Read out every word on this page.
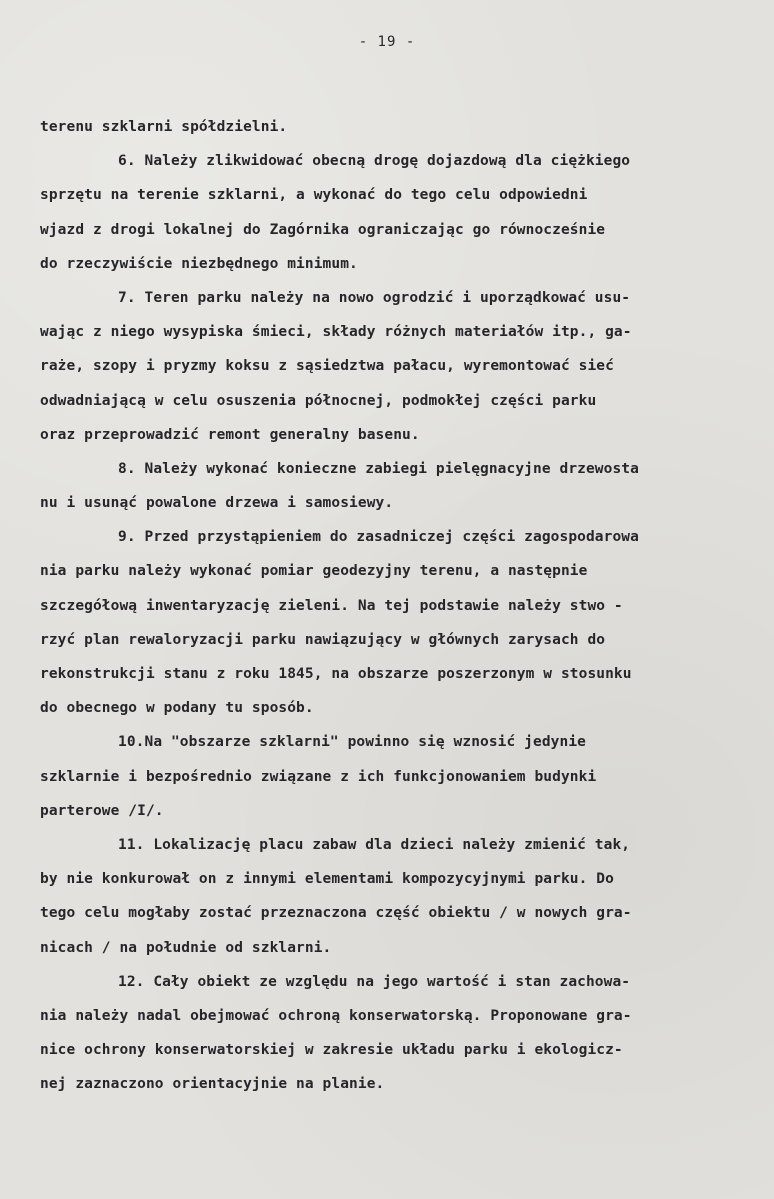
- 19 -
terenu szklarni spółdzielni.
6. Należy zlikwidować obecną drogę dojazdową dla ciężkiego
sprzętu na terenie szklarni, a wykonać do tego celu odpowiedni
wjazd z drogi lokalnej do Zagórnika ograniczając go równocześnie
do rzeczywiście niezbędnego minimum.
7. Teren parku należy na nowo ogrodzić i uporządkować usu-
wając z niego wysypiska śmieci, składy różnych materiałów itp., ga-
raże, szopy i pryzmy koksu z sąsiedztwa pałacu, wyremontować sieć
odwadniającą w celu osuszenia północnej, podmokłej części parku
oraz przeprowadzić remont generalny basenu.
8. Należy wykonać konieczne zabiegi pielęgnacyjne drzewosta
nu i usunąć powalone drzewa i samosiewy.
9. Przed przystąpieniem do zasadniczej części zagospodarowa
nia parku należy wykonać pomiar geodezyjny terenu, a następnie
szczegółową inwentaryzację zieleni. Na tej podstawie należy stwo -
rzyć plan rewaloryzacji parku nawiązujący w głównych zarysach do
rekonstrukcji stanu z roku 1845, na obszarze poszerzonym w stosunku
do obecnego w podany tu sposób.
10.Na "obszarze szklarni" powinno się wznosić jedynie
szklarnie i bezpośrednio związane z ich funkcjonowaniem budynki
parterowe /I/.
11. Lokalizację placu zabaw dla dzieci należy zmienić tak,
by nie konkurował on z innymi elementami kompozycyjnymi parku. Do
tego celu mogłaby zostać przeznaczona część obiektu / w nowych gra-
nicach / na południe od szklarni.
12. Cały obiekt ze względu na jego wartość i stan zachowa-
nia należy nadal obejmować ochroną konserwatorską. Proponowane gra-
nice ochrony konserwatorskiej w zakresie układu parku i ekologicz-
nej zaznaczono orientacyjnie na planie.
